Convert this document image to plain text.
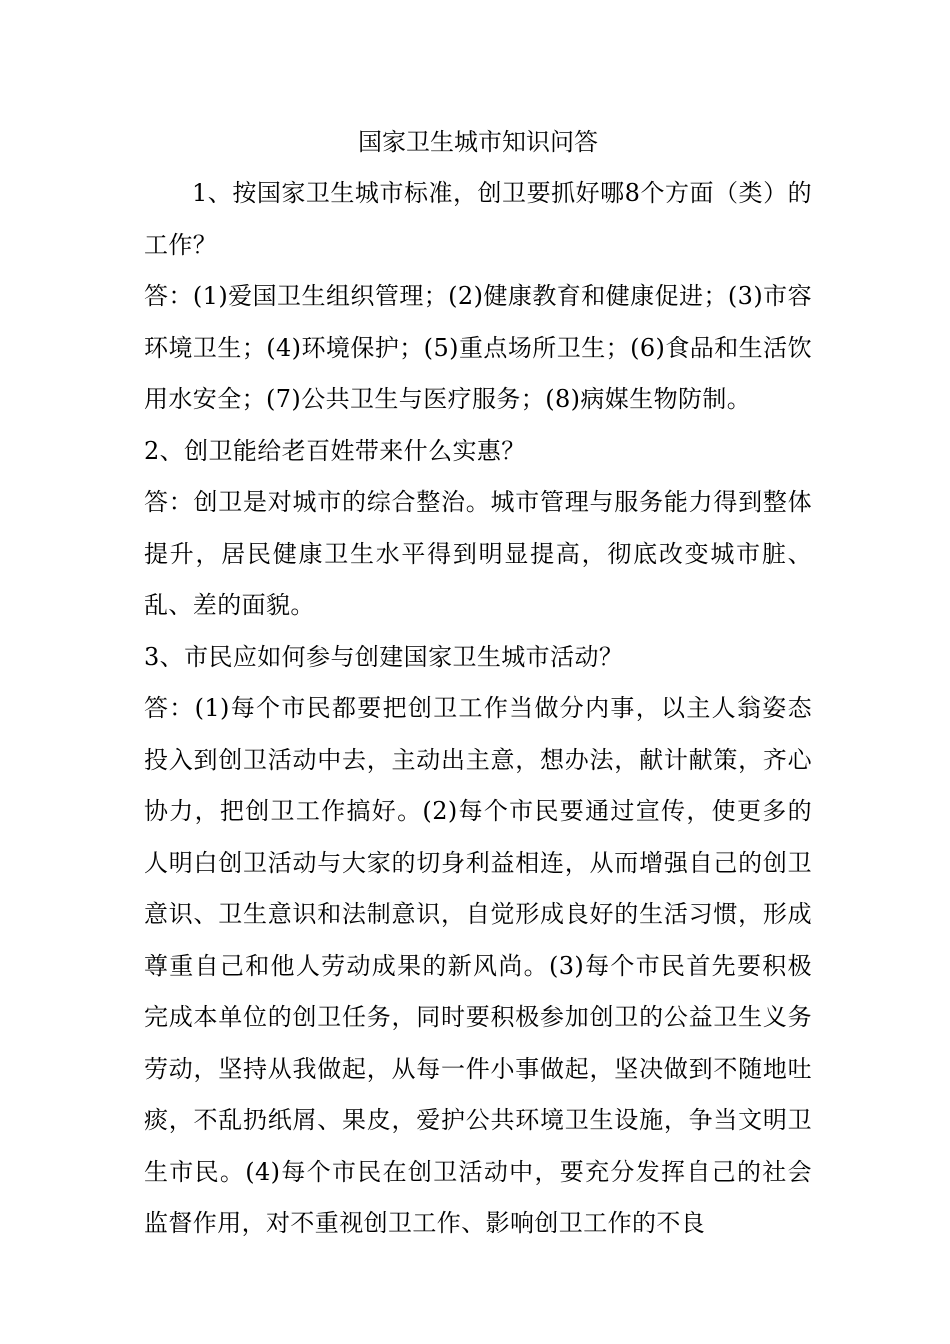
国家卫生城市知识问答

1、按国家卫生城市标准，创卫要抓好哪8个方面（类）的工作？

答：(1)爱国卫生组织管理；(2)健康教育和健康促进；(3)市容环境卫生；(4)环境保护；(5)重点场所卫生；(6)食品和生活饮用水安全；(7)公共卫生与医疗服务；(8)病媒生物防制。

2、创卫能给老百姓带来什么实惠？

答：创卫是对城市的综合整治。城市管理与服务能力得到整体提升，居民健康卫生水平得到明显提高，彻底改变城市脏、乱、差的面貌。

3、市民应如何参与创建国家卫生城市活动？

答：(1)每个市民都要把创卫工作当做分内事，以主人翁姿态投入到创卫活动中去，主动出主意，想办法，献计献策，齐心协力，把创卫工作搞好。(2)每个市民要通过宣传，使更多的人明白创卫活动与大家的切身利益相连，从而增强自己的创卫意识、卫生意识和法制意识，自觉形成良好的生活习惯，形成尊重自己和他人劳动成果的新风尚。(3)每个市民首先要积极完成本单位的创卫任务，同时要积极参加创卫的公益卫生义务劳动，坚持从我做起，从每一件小事做起，坚决做到不随地吐痰，不乱扔纸屑、果皮，爱护公共环境卫生设施，争当文明卫生市民。(4)每个市民在创卫活动中，要充分发挥自己的社会监督作用，对不重视创卫工作、影响创卫工作的不良
